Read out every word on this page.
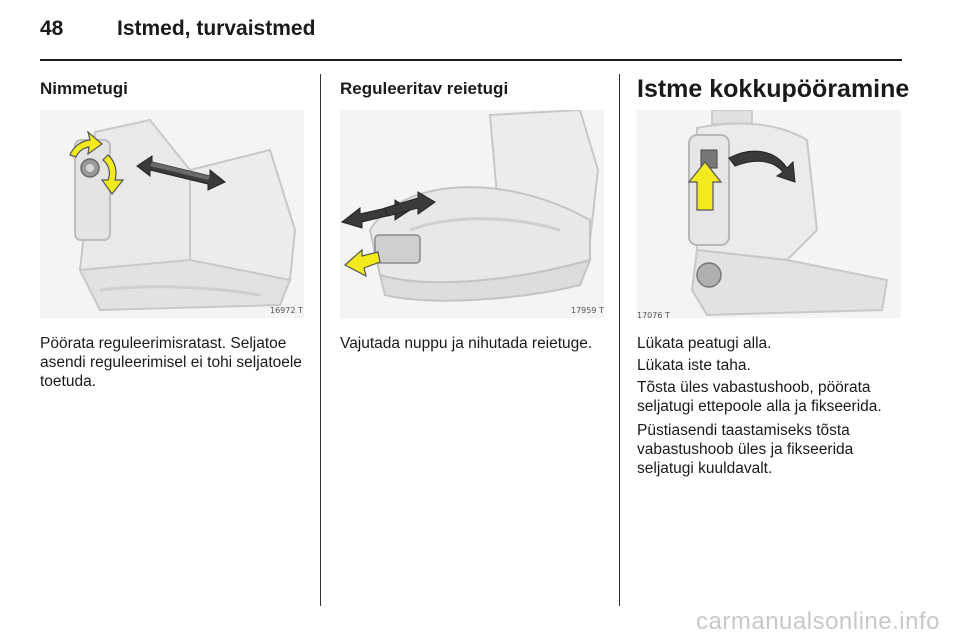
48	Istmed, turvaistmed
Nimmetugi
16972 T

Pöörata reguleerimisratast. Seljatoe asendi reguleerimisel ei tohi seljatoele toetuda.

Reguleeritav reietugi
17959 T

Vajutada nuppu ja nihutada reietuge.

Istme kokkupööramine
17076 T

Lükata peatugi alla.

Lükata iste taha.

Tõsta üles vabastushoob, pöörata seljatugi ettepoole alla ja fikseerida.

Püstiasendi taastamiseks tõsta vabastushoob üles ja fikseerida seljatugi kuuldavalt.

carmanualsonline.info
